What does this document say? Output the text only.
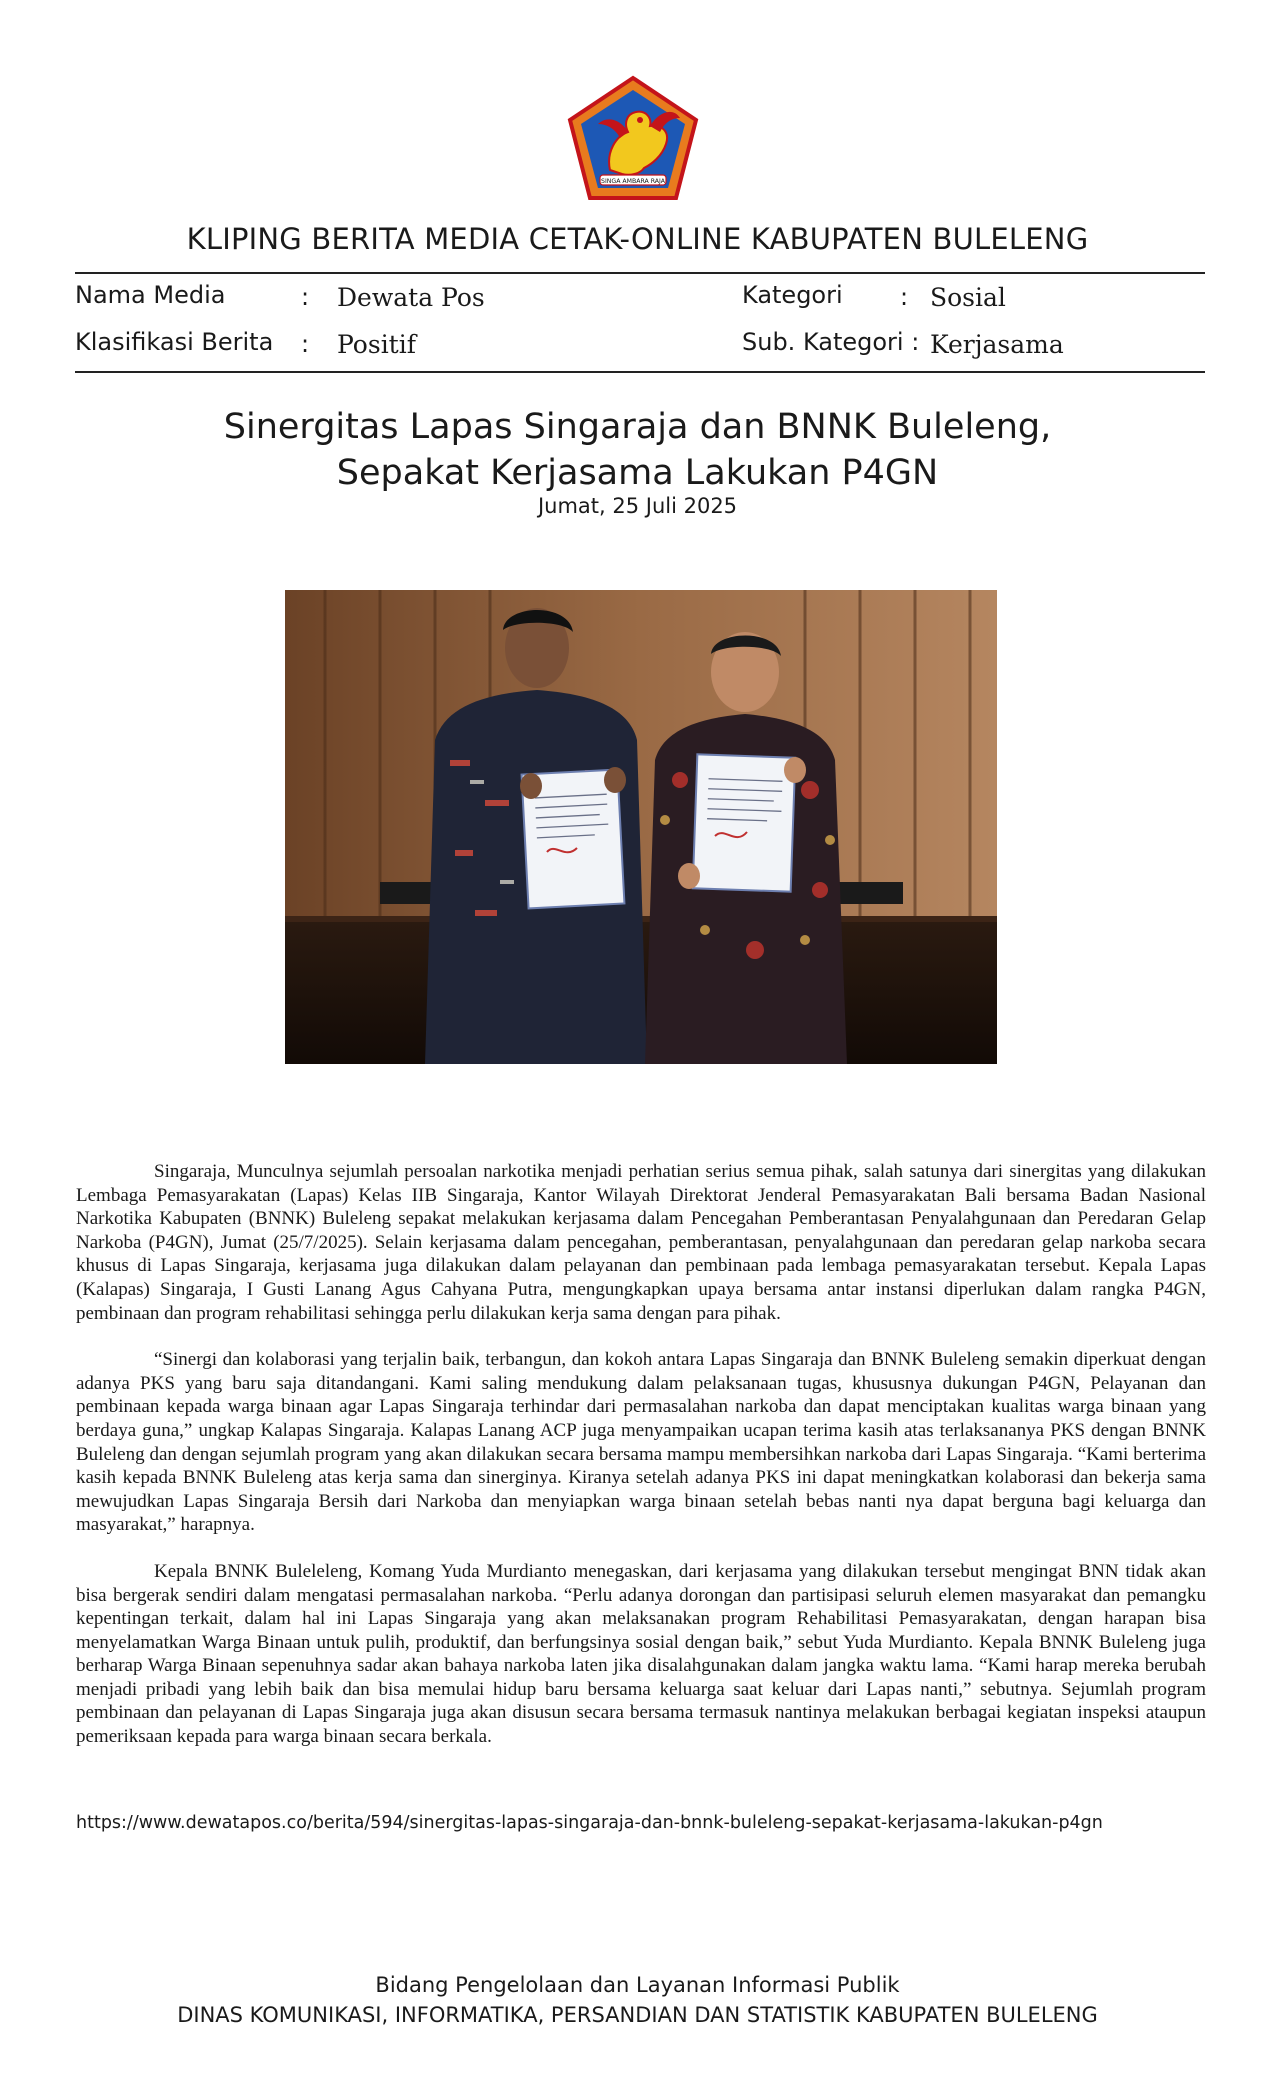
SINGA AMBARA RAJA
KLIPING BERITA MEDIA CETAK-ONLINE KABUPATEN BULELENG
Nama Media	: Dewata Pos	Kategori : Sosial
Klasifikasi Berita : Positif	Sub. Kategori : Kerjasama
Sinergitas Lapas Singaraja dan BNNK Buleleng,
Sepakat Kerjasama Lakukan P4GN
Jumat, 25 Juli 2025

Singaraja, Munculnya sejumlah persoalan narkotika menjadi perhatian serius semua pihak, salah satunya dari sinergitas yang dilakukan Lembaga Pemasyarakatan (Lapas) Kelas IIB Singaraja, Kantor Wilayah Direktorat Jenderal Pemasyarakatan Bali bersama Badan Nasional Narkotika Kabupaten (BNNK) Buleleng sepakat melakukan kerjasama dalam Pencegahan Pemberantasan Penyalahgunaan dan Peredaran Gelap Narkoba (P4GN), Jumat (25/7/2025). Selain kerjasama dalam pencegahan, pemberantasan, penyalahgunaan dan peredaran gelap narkoba secara khusus di Lapas Singaraja, kerjasama juga dilakukan dalam pelayanan dan pembinaan pada lembaga pemasyarakatan tersebut. Kepala Lapas (Kalapas) Singaraja, I Gusti Lanang Agus Cahyana Putra, mengungkapkan upaya bersama antar instansi diperlukan dalam rangka P4GN, pembinaan dan program rehabilitasi sehingga perlu dilakukan kerja sama dengan para pihak.

“Sinergi dan kolaborasi yang terjalin baik, terbangun, dan kokoh antara Lapas Singaraja dan BNNK Buleleng semakin diperkuat dengan adanya PKS yang baru saja ditandangani. Kami saling mendukung dalam pelaksanaan tugas, khususnya dukungan P4GN, Pelayanan dan pembinaan kepada warga binaan agar Lapas Singaraja terhindar dari permasalahan narkoba dan dapat menciptakan kualitas warga binaan yang berdaya guna,” ungkap Kalapas Singaraja. Kalapas Lanang ACP juga menyampaikan ucapan terima kasih atas terlaksananya PKS dengan BNNK Buleleng dan dengan sejumlah program yang akan dilakukan secara bersama mampu membersihkan narkoba dari Lapas Singaraja. “Kami berterima kasih kepada BNNK Buleleng atas kerja sama dan sinerginya. Kiranya setelah adanya PKS ini dapat meningkatkan kolaborasi dan bekerja sama mewujudkan Lapas Singaraja Bersih dari Narkoba dan menyiapkan warga binaan setelah bebas nanti nya dapat berguna bagi keluarga dan masyarakat,” harapnya.

Kepala BNNK Buleleleng, Komang Yuda Murdianto menegaskan, dari kerjasama yang dilakukan tersebut mengingat BNN tidak akan bisa bergerak sendiri dalam mengatasi permasalahan narkoba. “Perlu adanya dorongan dan partisipasi seluruh elemen masyarakat dan pemangku kepentingan terkait, dalam hal ini Lapas Singaraja yang akan melaksanakan program Rehabilitasi Pemasyarakatan, dengan harapan bisa menyelamatkan Warga Binaan untuk pulih, produktif, dan berfungsinya sosial dengan baik,” sebut Yuda Murdianto. Kepala BNNK Buleleng juga berharap Warga Binaan sepenuhnya sadar akan bahaya narkoba laten jika disalahgunakan dalam jangka waktu lama. “Kami harap mereka berubah menjadi pribadi yang lebih baik dan bisa memulai hidup baru bersama keluarga saat keluar dari Lapas nanti,” sebutnya. Sejumlah program pembinaan dan pelayanan di Lapas Singaraja juga akan disusun secara bersama termasuk nantinya melakukan berbagai kegiatan inspeksi ataupun pemeriksaan kepada para warga binaan secara berkala.

https://www.dewatapos.co/berita/594/sinergitas-lapas-singaraja-dan-bnnk-buleleng-sepakat-kerjasama-lakukan-p4gn
Bidang Pengelolaan dan Layanan Informasi Publik
DINAS KOMUNIKASI, INFORMATIKA, PERSANDIAN DAN STATISTIK KABUPATEN BULELENG
